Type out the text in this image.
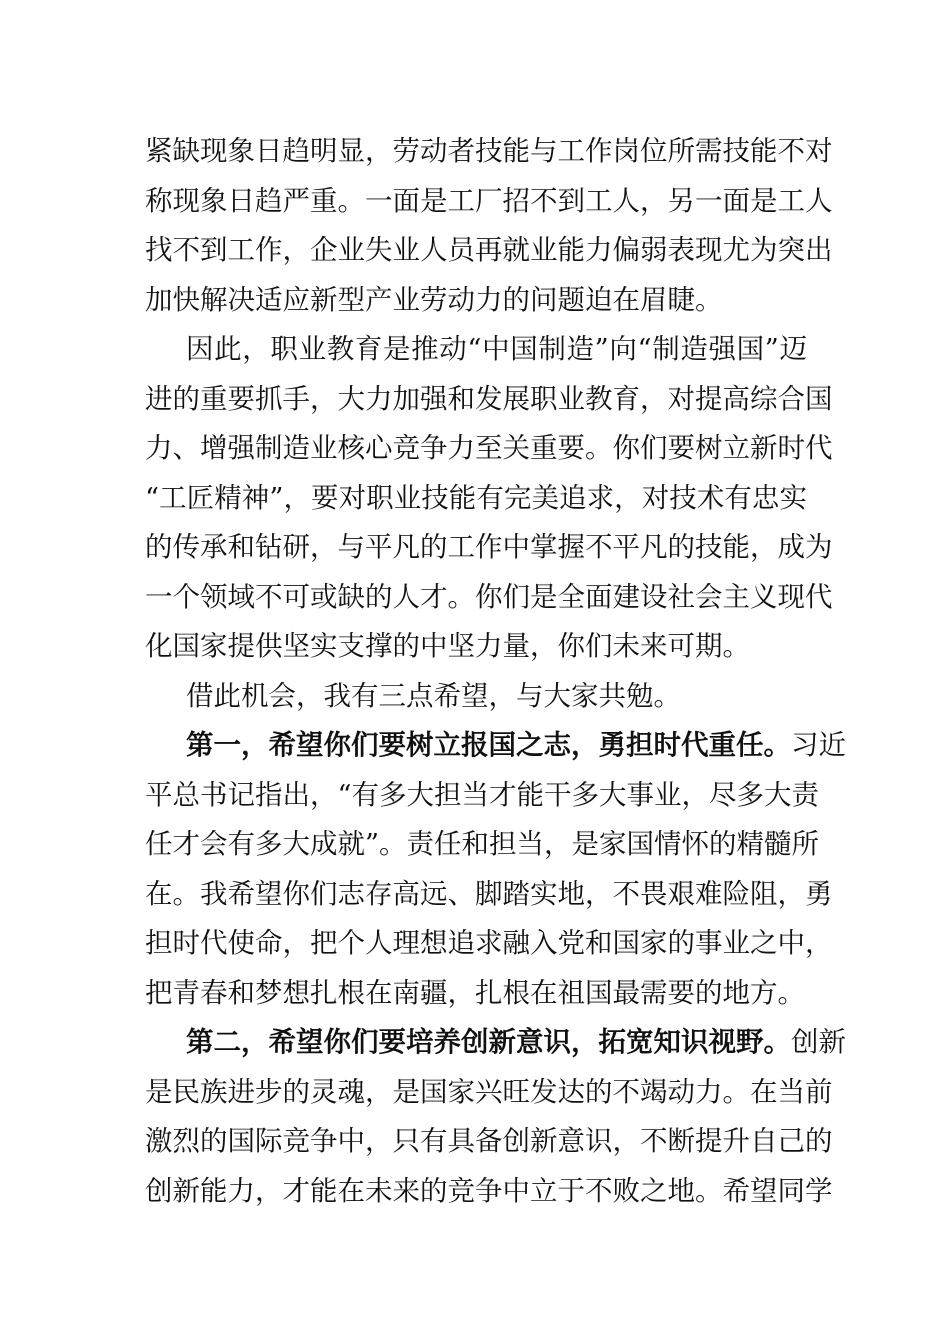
紧缺现象日趋明显，劳动者技能与工作岗位所需技能不对
称现象日趋严重。一面是工厂招不到工人，另一面是工人
找不到工作，企业失业人员再就业能力偏弱表现尤为突出
加快解决适应新型产业劳动力的问题迫在眉睫。
因此，职业教育是推动“中国制造”向“制造强国”迈
进的重要抓手，大力加强和发展职业教育，对提高综合国
力、增强制造业核心竞争力至关重要。你们要树立新时代
“工匠精神”，要对职业技能有完美追求，对技术有忠实
的传承和钻研，与平凡的工作中掌握不平凡的技能，成为
一个领域不可或缺的人才。你们是全面建设社会主义现代
化国家提供坚实支撑的中坚力量，你们未来可期。
借此机会，我有三点希望，与大家共勉。
第一，希望你们要树立报国之志，勇担时代重任。习近
平总书记指出，“有多大担当才能干多大事业，尽多大责
任才会有多大成就”。责任和担当，是家国情怀的精髓所
在。我希望你们志存高远、脚踏实地，不畏艰难险阻，勇
担时代使命，把个人理想追求融入党和国家的事业之中，
把青春和梦想扎根在南疆，扎根在祖国最需要的地方。
第二，希望你们要培养创新意识，拓宽知识视野。创新
是民族进步的灵魂，是国家兴旺发达的不竭动力。在当前
激烈的国际竞争中，只有具备创新意识，不断提升自己的
创新能力，才能在未来的竞争中立于不败之地。希望同学
